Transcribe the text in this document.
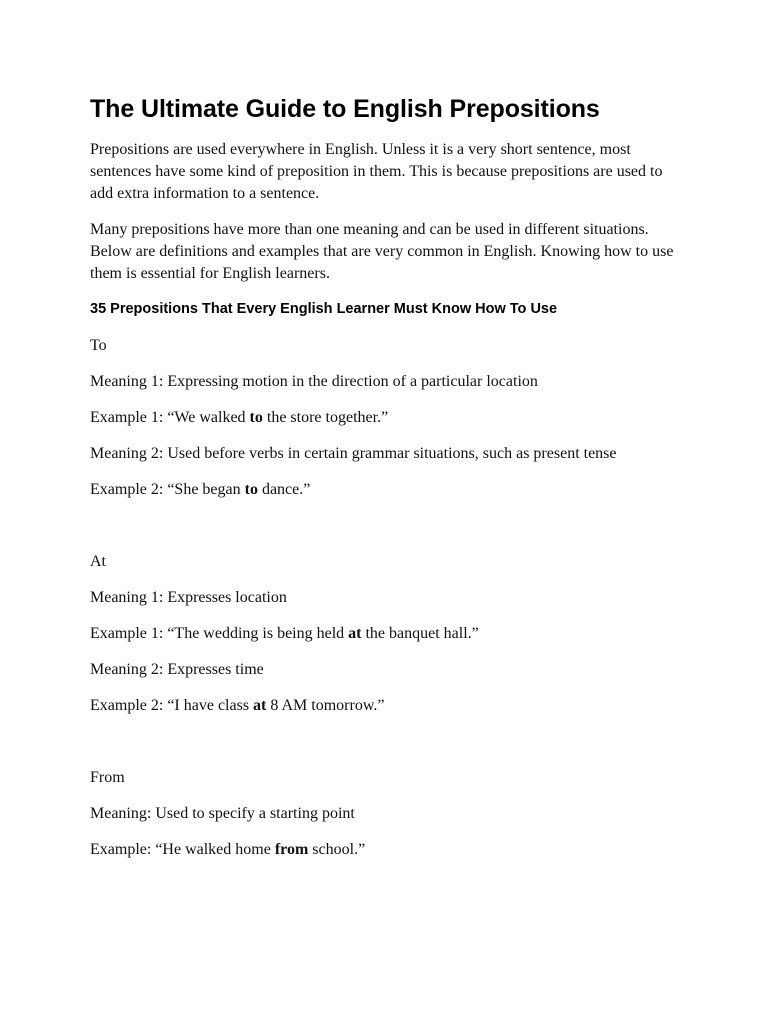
The Ultimate Guide to English Prepositions

Prepositions are used everywhere in English. Unless it is a very short sentence, most sentences have some kind of preposition in them. This is because prepositions are used to add extra information to a sentence.

Many prepositions have more than one meaning and can be used in different situations. Below are definitions and examples that are very common in English. Knowing how to use them is essential for English learners.

35 Prepositions That Every English Learner Must Know How To Use

To

Meaning 1: Expressing motion in the direction of a particular location

Example 1: “We walked to the store together.”

Meaning 2: Used before verbs in certain grammar situations, such as present tense

Example 2: “She began to dance.”

At

Meaning 1: Expresses location

Example 1: “The wedding is being held at the banquet hall.”

Meaning 2: Expresses time

Example 2: “I have class at 8 AM tomorrow.”

From

Meaning: Used to specify a starting point

Example: “He walked home from school.”
